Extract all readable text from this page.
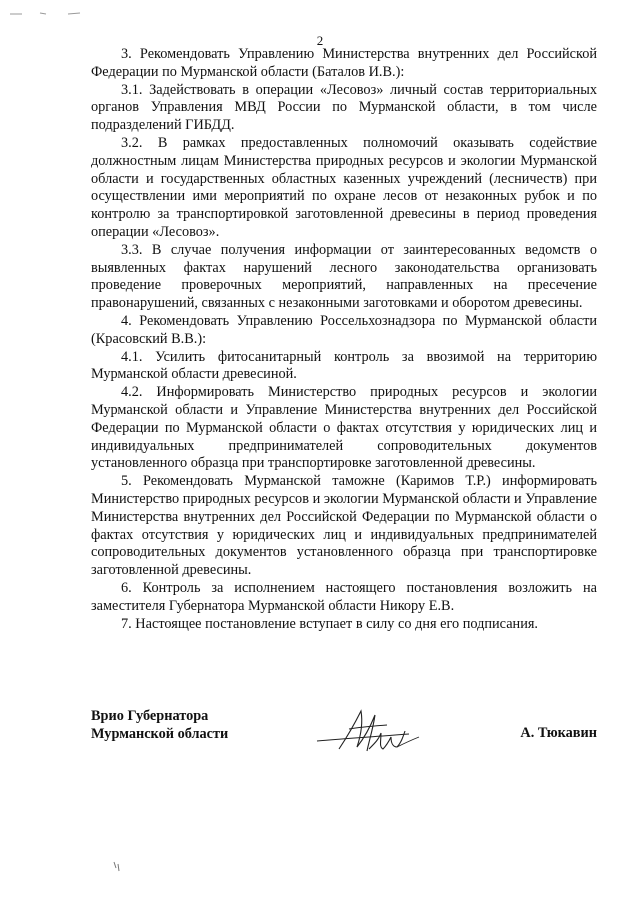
2

3. Рекомендовать Управлению Министерства внутренних дел Российской Федерации по Мурманской области (Баталов И.В.):

3.1. Задействовать в операции «Лесовоз» личный состав территориальных органов Управления МВД России по Мурманской области, в том числе подразделений ГИБДД.

3.2. В рамках предоставленных полномочий оказывать содействие должностным лицам Министерства природных ресурсов и экологии Мурманской области и государственных областных казенных учреждений (лесничеств) при осуществлении ими мероприятий по охране лесов от незаконных рубок и по контролю за транспортировкой заготовленной древесины в период проведения операции «Лесовоз».

3.3. В случае получения информации от заинтересованных ведомств о выявленных фактах нарушений лесного законодательства организовать проведение проверочных мероприятий, направленных на пресечение правонарушений, связанных с незаконными заготовками и оборотом древесины.

4. Рекомендовать Управлению Россельхознадзора по Мурманской области (Красовский В.В.):

4.1. Усилить фитосанитарный контроль за ввозимой на территорию Мурманской области древесиной.

4.2. Информировать Министерство природных ресурсов и экологии Мурманской области и Управление Министерства внутренних дел Российской Федерации по Мурманской области о фактах отсутствия у юридических лиц и индивидуальных предпринимателей сопроводительных документов установленного образца при транспортировке заготовленной древесины.

5. Рекомендовать Мурманской таможне (Каримов Т.Р.) информировать Министерство природных ресурсов и экологии Мурманской области и Управление Министерства внутренних дел Российской Федерации по Мурманской области о фактах отсутствия у юридических лиц и индивидуальных предпринимателей сопроводительных документов установленного образца при транспортировке заготовленной древесины.

6. Контроль за исполнением настоящего постановления возложить на заместителя Губернатора Мурманской области Никору Е.В.

7. Настоящее постановление вступает в силу со дня его подписания.

Врио Губернатора
Мурманской области	А. Тюкавин
